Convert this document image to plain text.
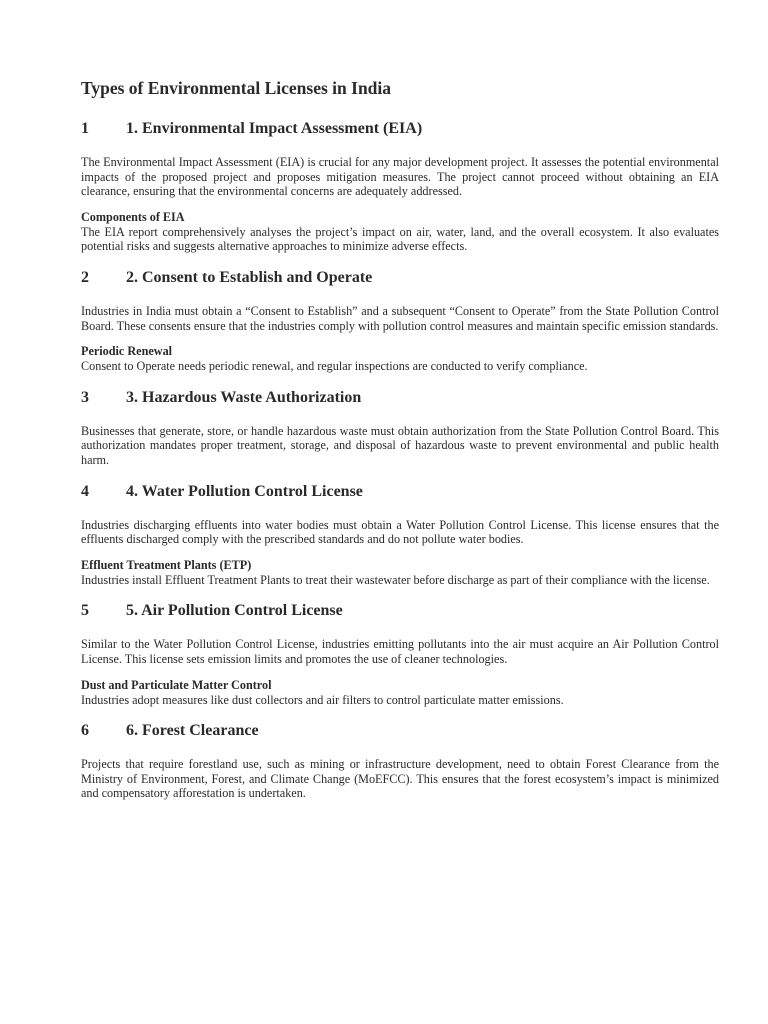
Types of Environmental Licenses in India
1	1. Environmental Impact Assessment (EIA)

The Environmental Impact Assessment (EIA) is crucial for any major development project. It assesses the potential environmental impacts of the proposed project and proposes mitigation measures. The project cannot proceed without obtaining an EIA clearance, ensuring that the environmental concerns are adequately addressed.

Components of EIA
The EIA report comprehensively analyses the project’s impact on air, water, land, and the overall ecosystem. It also evaluates potential risks and suggests alternative approaches to minimize adverse effects.
2	2. Consent to Establish and Operate

Industries in India must obtain a “Consent to Establish” and a subsequent “Consent to Operate” from the State Pollution Control Board. These consents ensure that the industries comply with pollution control measures and maintain specific emission standards.

Periodic Renewal
Consent to Operate needs periodic renewal, and regular inspections are conducted to verify compliance.
3	3. Hazardous Waste Authorization

Businesses that generate, store, or handle hazardous waste must obtain authorization from the State Pollution Control Board. This authorization mandates proper treatment, storage, and disposal of hazardous waste to prevent environmental and public health harm.

4	4. Water Pollution Control License

Industries discharging effluents into water bodies must obtain a Water Pollution Control License. This license ensures that the effluents discharged comply with the prescribed standards and do not pollute water bodies.

Effluent Treatment Plants (ETP)
Industries install Effluent Treatment Plants to treat their wastewater before discharge as part of their compliance with the license.
5	5. Air Pollution Control License

Similar to the Water Pollution Control License, industries emitting pollutants into the air must acquire an Air Pollution Control License. This license sets emission limits and promotes the use of cleaner technologies.

Dust and Particulate Matter Control
Industries adopt measures like dust collectors and air filters to control particulate matter emissions.
6	6. Forest Clearance

Projects that require forestland use, such as mining or infrastructure development, need to obtain Forest Clearance from the Ministry of Environment, Forest, and Climate Change (MoEFCC). This ensures that the forest ecosystem’s impact is minimized and compensatory afforestation is undertaken.
